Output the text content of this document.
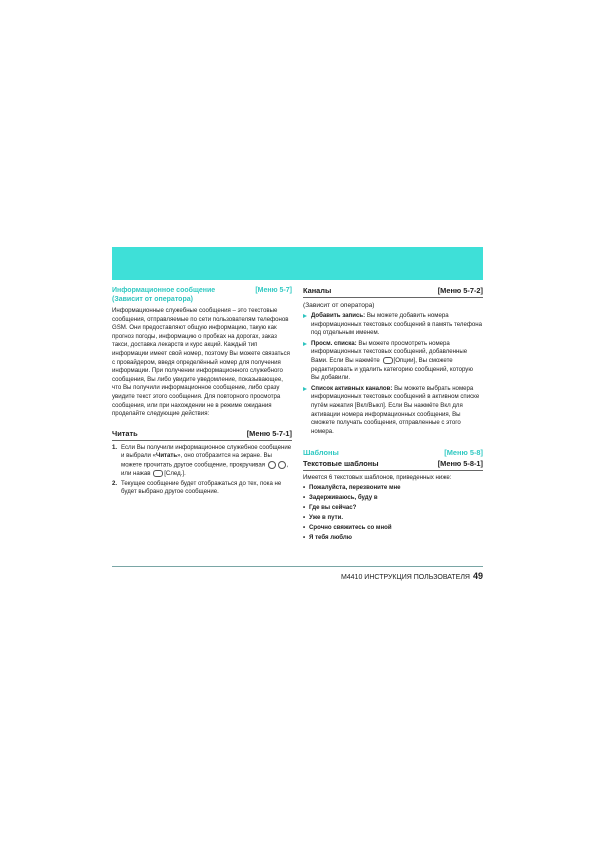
Информационное сообщение	[Меню 5-7]
(Зависит от оператора)
Информационные служебные сообщения – это текстовые сообщения, отправляемые по сети пользователям телефонов GSM. Они предоставляют общую информацию, такую как прогноз погоды, информацию о пробках на дорогах, заказ такси, доставка лекарств и курс акций. Каждый тип информации имеет свой номер, поэтому Вы можете связаться с провайдером, введя определённый номер для получения информации. При получении информационного служебного сообщения, Вы либо увидите уведомление, показывающее, что Вы получили информационное сообщение, либо сразу увидите текст этого сообщения. Для повторного просмотра сообщения, или при нахождении не в режиме ожидания проделайте следующие действия:
Читать	[Меню 5-7-1]
1. Если Вы получили информационное служебное сообщение и выбрали «Читать», оно отобразится на экране. Вы можете прочитать другое сообщение, прокручивая	, или нажав [След.].
2. Текущее сообщение будет отображаться до тех, пока не будет выбрано другое сообщение.
Каналы	[Меню 5-7-2]
(Зависит от оператора)
Добавить запись: Вы можете добавить номера информационных текстовых сообщений в память телефона под отдельным именем.
Просм. списка: Вы можете просмотреть номера информационных текстовых сообщений, добавленные Вами. Если Вы нажмёте [Опции], Вы сможете редактировать и удалить категорию сообщений, которую Вы добавили.
Список активных каналов: Вы можете выбрать номера информационных текстовых сообщений в активном списке путём нажатия [Вкл/Выкл]. Если Вы нажмёте Вкл для активации номера информационных сообщения, Вы сможете получать сообщения, отправленные с этого номера.
Шаблоны	[Меню 5-8]
Текстовые шаблоны	[Меню 5-8-1]
Имеется 6 текстовых шаблонов, приведенных ниже:
• Пожалуйста, перезвоните мне
• Задерживаюсь, буду в
• Где вы сейчас?
• Уже в пути.
• Срочно свяжитесь со мной
• Я тебя люблю
M4410 ИНСТРУКЦИЯ ПОЛЬЗОВАТЕЛЯ 49
